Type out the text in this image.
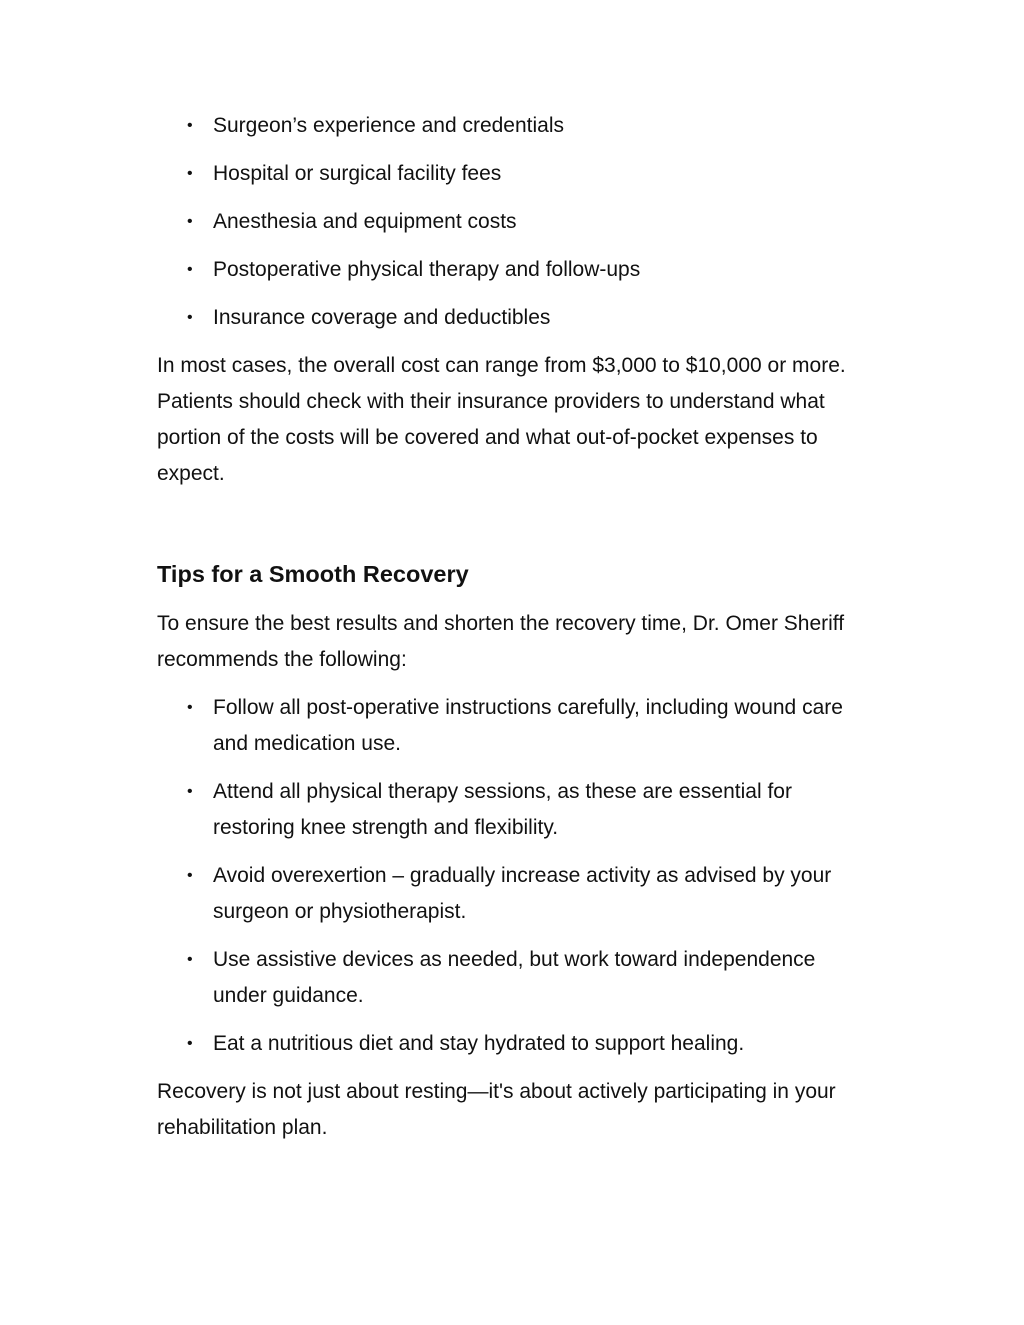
• Surgeon’s experience and credentials
• Hospital or surgical facility fees
• Anesthesia and equipment costs
• Postoperative physical therapy and follow-ups
• Insurance coverage and deductibles

In most cases, the overall cost can range from $3,000 to $10,000 or more. Patients should check with their insurance providers to understand what portion of the costs will be covered and what out-of-pocket expenses to expect.

Tips for a Smooth Recovery

To ensure the best results and shorten the recovery time, Dr. Omer Sheriff recommends the following:

• Follow all post-operative instructions carefully, including wound care and medication use.
• Attend all physical therapy sessions, as these are essential for restoring knee strength and flexibility.
• Avoid overexertion – gradually increase activity as advised by your surgeon or physiotherapist.
• Use assistive devices as needed, but work toward independence under guidance.
• Eat a nutritious diet and stay hydrated to support healing.

Recovery is not just about resting—it's about actively participating in your rehabilitation plan.
